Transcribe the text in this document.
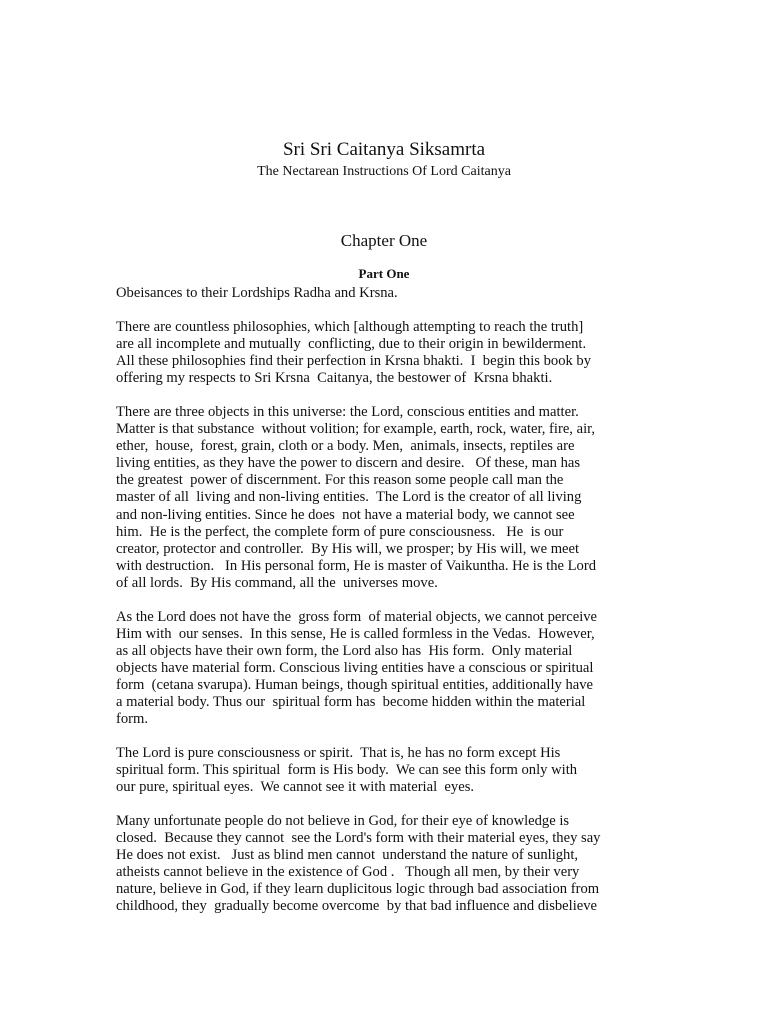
Sri Sri Caitanya Siksamrta
The Nectarean Instructions Of Lord Caitanya
Chapter One
Part One

Obeisances to their Lordships Radha and Krsna.

There are countless philosophies, which [although attempting to reach the truth]
are all incomplete and mutually  conflicting, due to their origin in bewilderment.
All these philosophies find their perfection in Krsna bhakti.  I  begin this book by
offering my respects to Sri Krsna  Caitanya, the bestower of  Krsna bhakti.

There are three objects in this universe: the Lord, conscious entities and matter.
Matter is that substance  without volition; for example, earth, rock, water, fire, air,
ether,  house,  forest, grain, cloth or a body. Men,  animals, insects, reptiles are
living entities, as they have the power to discern and desire.   Of these, man has
the greatest  power of discernment. For this reason some people call man the
master of all  living and non-living entities.  The Lord is the creator of all living
and non-living entities. Since he does  not have a material body, we cannot see
him.  He is the perfect, the complete form of pure consciousness.   He  is our
creator, protector and controller.  By His will, we prosper; by His will, we meet
with destruction.   In His personal form, He is master of Vaikuntha. He is the Lord
of all lords.  By His command, all the  universes move.

As the Lord does not have the  gross form  of material objects, we cannot perceive
Him with  our senses.  In this sense, He is called formless in the Vedas.  However,
as all objects have their own form, the Lord also has  His form.  Only material
objects have material form. Conscious living entities have a conscious or spiritual
form  (cetana svarupa). Human beings, though spiritual entities, additionally have
a material body. Thus our  spiritual form has  become hidden within the material
form.

The Lord is pure consciousness or spirit.  That is, he has no form except His
spiritual form. This spiritual  form is His body.  We can see this form only with
our pure, spiritual eyes.  We cannot see it with material  eyes.

Many unfortunate people do not believe in God, for their eye of knowledge is
closed.  Because they cannot  see the Lord's form with their material eyes, they say
He does not exist.   Just as blind men cannot  understand the nature of sunlight,
atheists cannot believe in the existence of God .   Though all men, by their very
nature, believe in God, if they learn duplicitous logic through bad association from
childhood, they  gradually become overcome  by that bad influence and disbelieve
